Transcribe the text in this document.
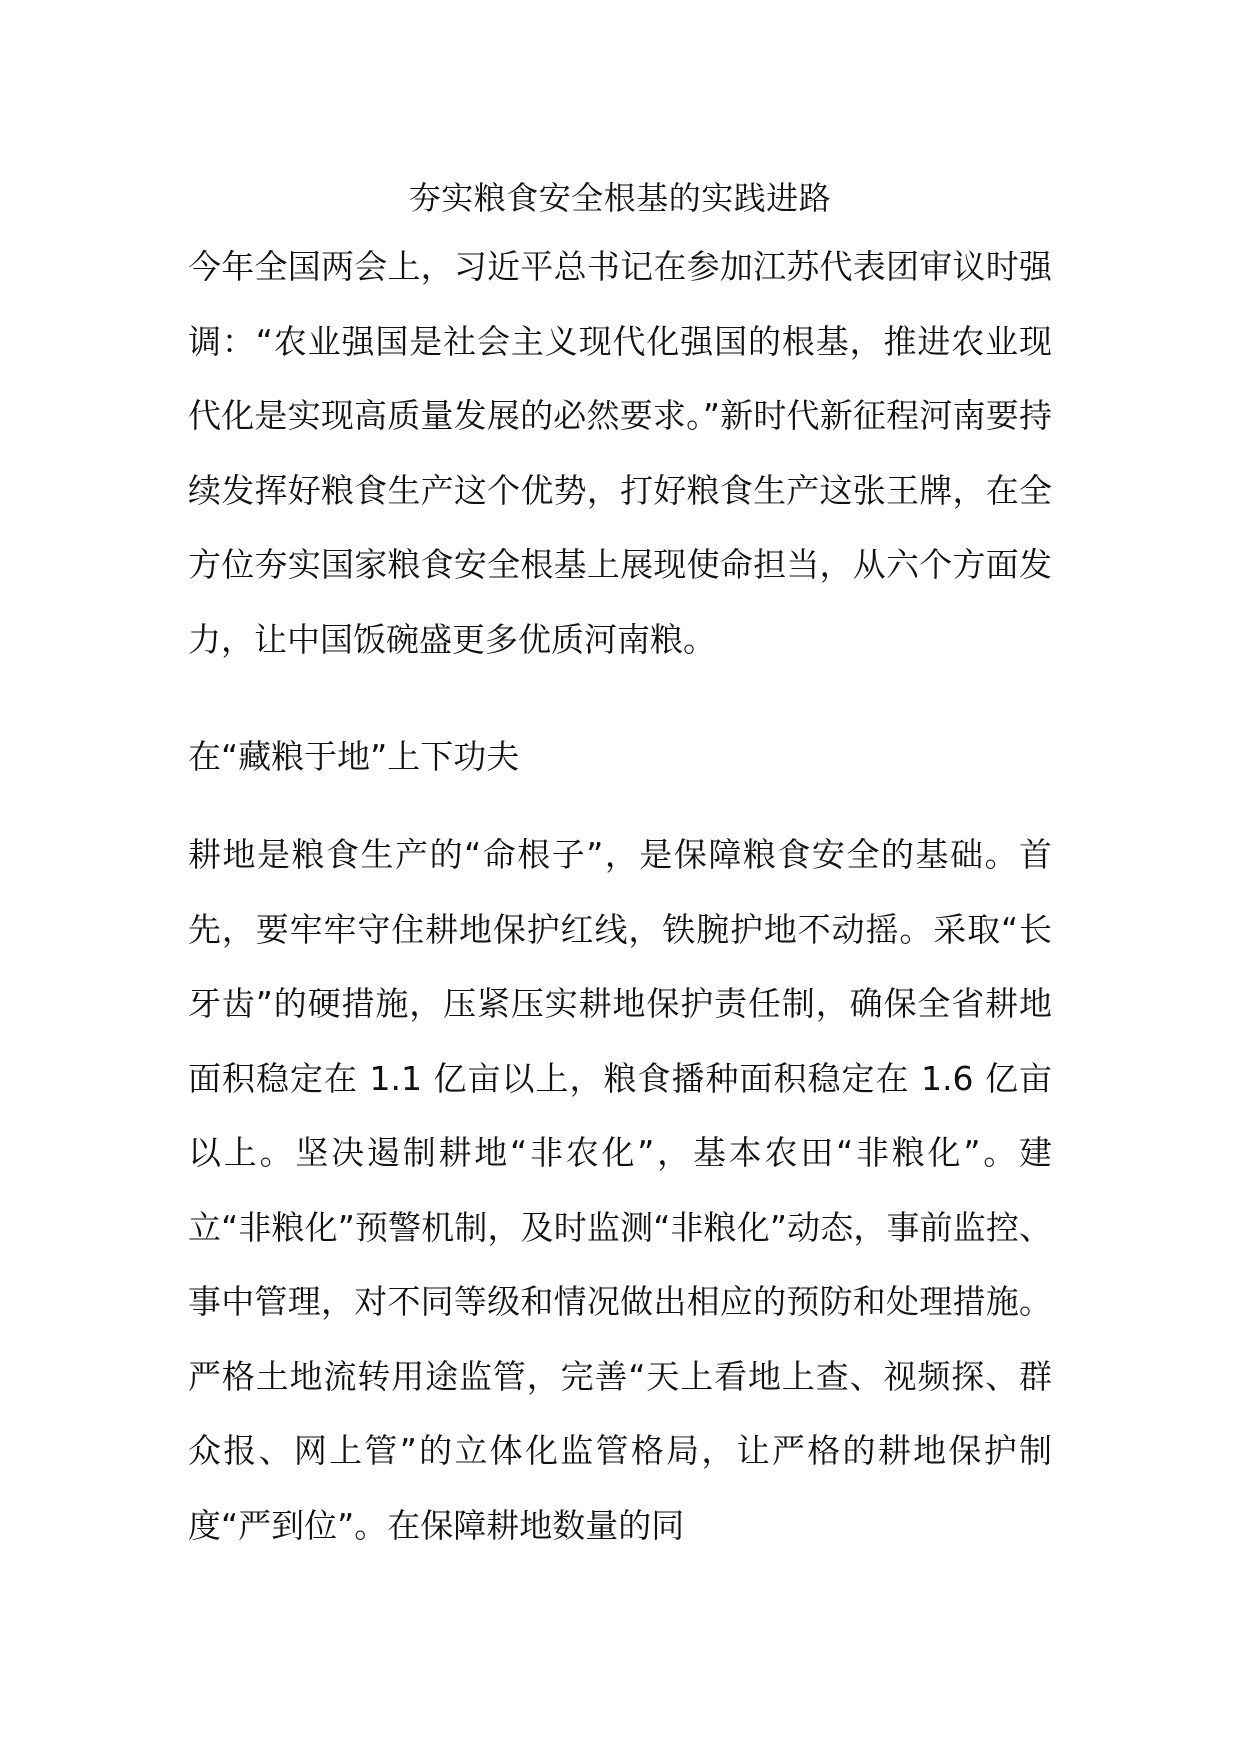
夯实粮食安全根基的实践进路

今年全国两会上，习近平总书记在参加江苏代表团审议时强调：“农业强国是社会主义现代化强国的根基，推进农业现代化是实现高质量发展的必然要求。”新时代新征程河南要持续发挥好粮食生产这个优势，打好粮食生产这张王牌，在全方位夯实国家粮食安全根基上展现使命担当，从六个方面发力，让中国饭碗盛更多优质河南粮。

在“藏粮于地”上下功夫

耕地是粮食生产的“命根子”，是保障粮食安全的基础。首先，要牢牢守住耕地保护红线，铁腕护地不动摇。采取“长牙齿”的硬措施，压紧压实耕地保护责任制，确保全省耕地面积稳定在 1.1 亿亩以上，粮食播种面积稳定在 1.6 亿亩以上。坚决遏制耕地“非农化”，基本农田“非粮化”。建立“非粮化”预警机制，及时监测“非粮化”动态，事前监控、事中管理，对不同等级和情况做出相应的预防和处理措施。严格土地流转用途监管，完善“天上看地上查、视频探、群众报、网上管”的立体化监管格局，让严格的耕地保护制度“严到位”。在保障耕地数量的同
